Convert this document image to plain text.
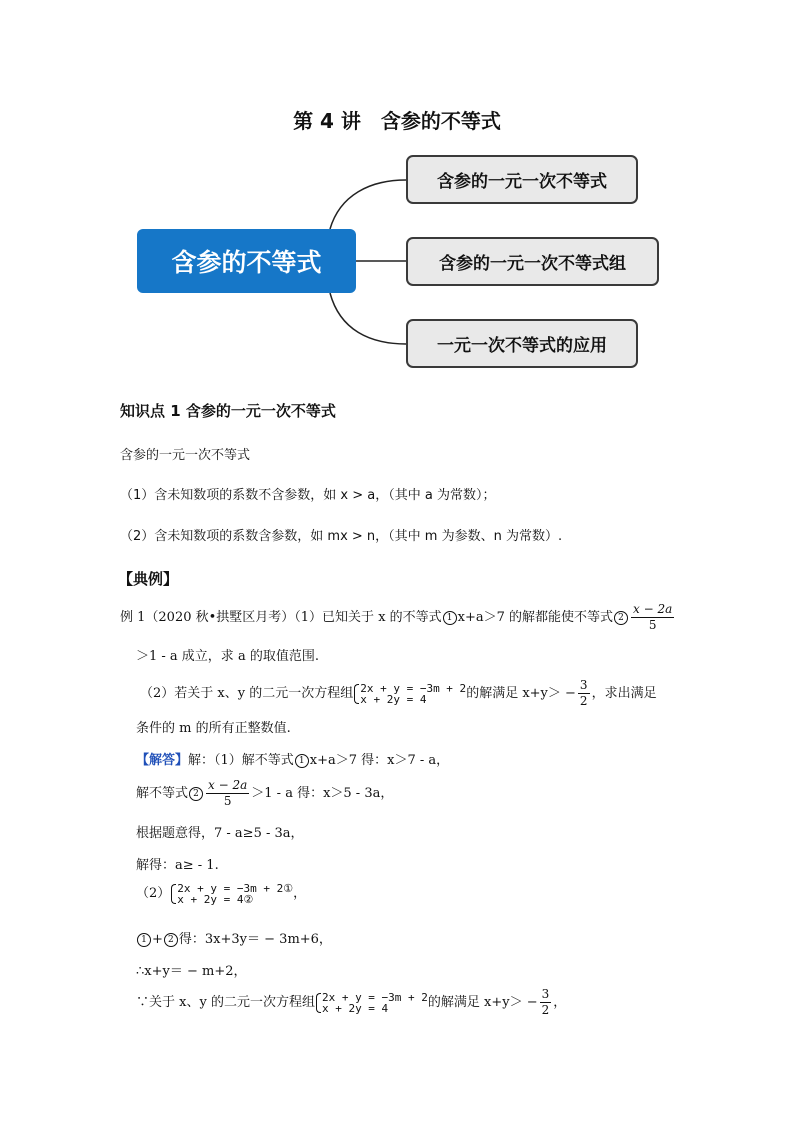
第 4 讲　含参的不等式
含参的不等式
含参的一元一次不等式
含参的一元一次不等式组
一元一次不等式的应用
知识点 1 含参的一元一次不等式
含参的一元一次不等式
（1）含未知数项的系数不含参数，如 x > a，（其中 a 为常数）；
（2）含未知数项的系数含参数，如 mx > n，（其中 m 为参数、n 为常数）.
【典例】
例 1（2020 秋•拱墅区月考）（1）已知关于 x 的不等式 1 x+a＞7 的解都能使不等式 $2 \frac{x - 2a}{5}$
＞1 - a 成立，求 a 的取值范围.
（2）若关于 x、y 的二元一次方程组 2x + y = −3m + 2
x + 2y = 4	的解满足 $x+y> - \frac{3}{2}$ ，求出满足
条件的 m 的所有正整数值.
【解答】解：（1）解不等式 1 x+a＞7 得：x＞7 - a，
解不等式 $2 \frac{x - 2a}{5} >1 - a$ 得：x＞5 - 3a，
根据题意得，7 - a≥5 - 3a，
解得：a≥ - 1.
（2） 2x + y = −3m + 2①
x + 2y = 4②	，
1 + 2 得：3x+3y＝ − 3m+6，
∴x+y＝ − m+2，
∵关于 x、y 的二元一次方程组 2x + y = −3m + 2
x + 2y = 4	的解满足 $x+y> - \frac{3}{2}$ ，
